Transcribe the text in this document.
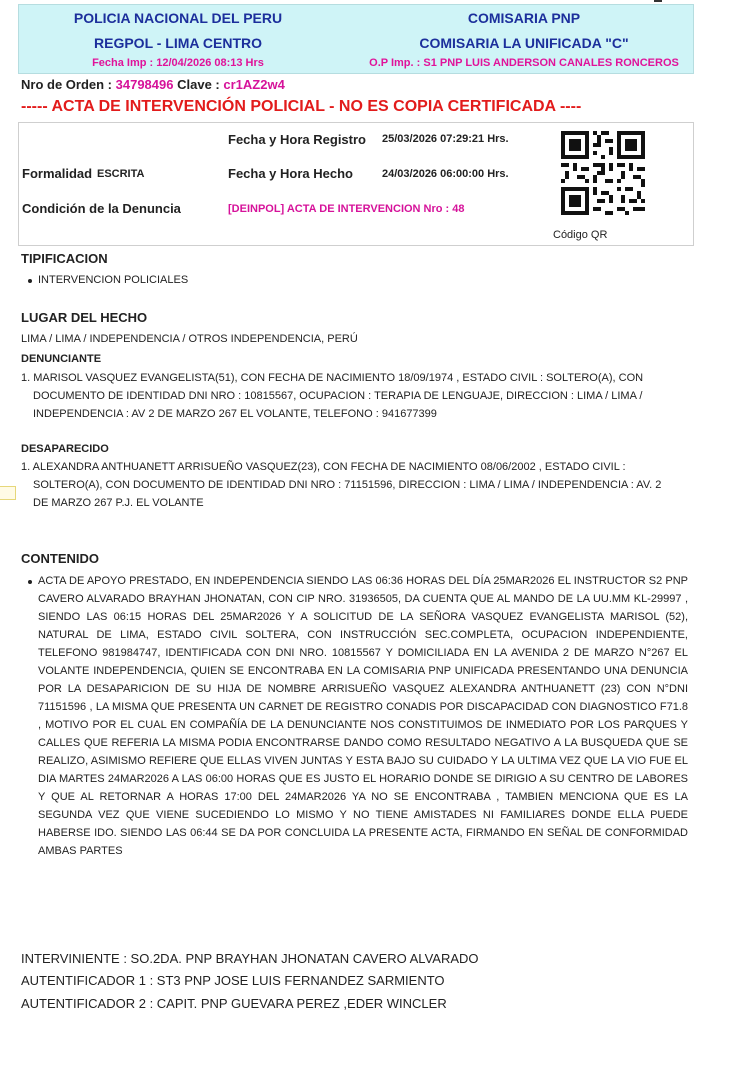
POLICIA NACIONAL DEL PERU
REGPOL - LIMA CENTRO
COMISARIA PNP
COMISARIA LA UNIFICADA "C"
Fecha Imp : 12/04/2026 08:13 Hrs	O.P Imp. : S1 PNP LUIS ANDERSON CANALES RONCEROS
Nro de Orden : 34798496 Clave : cr1AZ2w4
----- ACTA DE INTERVENCIÓN POLICIAL - NO ES COPIA CERTIFICADA ----
Fecha y Hora Registro 25/03/2026 07:29:21 Hrs.
Formalidad ESCRITA	Fecha y Hora Hecho	24/03/2026 06:00:00 Hrs.
Condición de la Denuncia	[DEINPOL] ACTA DE INTERVENCION Nro : 48
Código QR
TIPIFICACION
INTERVENCION POLICIALES
LUGAR DEL HECHO
LIMA / LIMA / INDEPENDENCIA / OTROS INDEPENDENCIA, PERÚ
DENUNCIANTE
1. MARISOL VASQUEZ EVANGELISTA(51), CON FECHA DE NACIMIENTO 18/09/1974 , ESTADO CIVIL : SOLTERO(A), CON
DOCUMENTO DE IDENTIDAD DNI NRO : 10815567, OCUPACION : TERAPIA DE LENGUAJE, DIRECCION : LIMA / LIMA /
INDEPENDENCIA : AV 2 DE MARZO 267 EL VOLANTE, TELEFONO : 941677399
DESAPARECIDO
1. ALEXANDRA ANTHUANETT ARRISUEÑO VASQUEZ(23), CON FECHA DE NACIMIENTO 08/06/2002 , ESTADO CIVIL :
SOLTERO(A), CON DOCUMENTO DE IDENTIDAD DNI NRO : 71151596, DIRECCION : LIMA / LIMA / INDEPENDENCIA : AV. 2
DE MARZO 267 P.J. EL VOLANTE
CONTENIDO
ACTA DE APOYO PRESTADO, EN INDEPENDENCIA SIENDO LAS 06:36 HORAS DEL DÍA 25MAR2026 EL INSTRUCTOR S2 PNP CAVERO ALVARADO BRAYHAN JHONATAN, CON CIP NRO. 31936505, DA CUENTA QUE AL MANDO DE LA UU.MM KL-29997 , SIENDO LAS 06:15 HORAS DEL 25MAR2026 Y A SOLICITUD DE LA SEÑORA VASQUEZ EVANGELISTA MARISOL (52), NATURAL DE LIMA, ESTADO CIVIL SOLTERA, CON INSTRUCCIÓN SEC.COMPLETA, OCUPACION INDEPENDIENTE, TELEFONO 981984747, IDENTIFICADA CON DNI NRO. 10815567 Y DOMICILIADA EN LA AVENIDA 2 DE MARZO N°267 EL VOLANTE INDEPENDENCIA, QUIEN SE ENCONTRABA EN LA COMISARIA PNP UNIFICADA PRESENTANDO UNA DENUNCIA POR LA DESAPARICION DE SU HIJA DE NOMBRE ARRISUEÑO VASQUEZ ALEXANDRA ANTHUANETT (23) CON N°DNI 71151596 , LA MISMA QUE PRESENTA UN CARNET DE REGISTRO CONADIS POR DISCAPACIDAD CON DIAGNOSTICO F71.8 , MOTIVO POR EL CUAL EN COMPAÑÍA DE LA DENUNCIANTE NOS CONSTITUIMOS DE INMEDIATO POR LOS PARQUES Y CALLES QUE REFERIA LA MISMA PODIA ENCONTRARSE DANDO COMO RESULTADO NEGATIVO A LA BUSQUEDA QUE SE REALIZO, ASIMISMO REFIERE QUE ELLAS VIVEN JUNTAS Y ESTA BAJO SU CUIDADO Y LA ULTIMA VEZ QUE LA VIO FUE EL DIA MARTES 24MAR2026 A LAS 06:00 HORAS QUE ES JUSTO EL HORARIO DONDE SE DIRIGIO A SU CENTRO DE LABORES Y QUE AL RETORNAR A HORAS 17:00 DEL 24MAR2026 YA NO SE ENCONTRABA , TAMBIEN MENCIONA QUE ES LA SEGUNDA VEZ QUE VIENE SUCEDIENDO LO MISMO Y NO TIENE AMISTADES NI FAMILIARES DONDE ELLA PUEDE HABERSE IDO. SIENDO LAS 06:44 SE DA POR CONCLUIDA LA PRESENTE ACTA, FIRMANDO EN SEÑAL DE CONFORMIDAD AMBAS PARTES
INTERVINIENTE : SO.2DA. PNP BRAYHAN JHONATAN CAVERO ALVARADO
AUTENTIFICADOR 1 : ST3 PNP JOSE LUIS FERNANDEZ SARMIENTO
AUTENTIFICADOR 2 : CAPIT. PNP GUEVARA PEREZ ,EDER WINCLER
